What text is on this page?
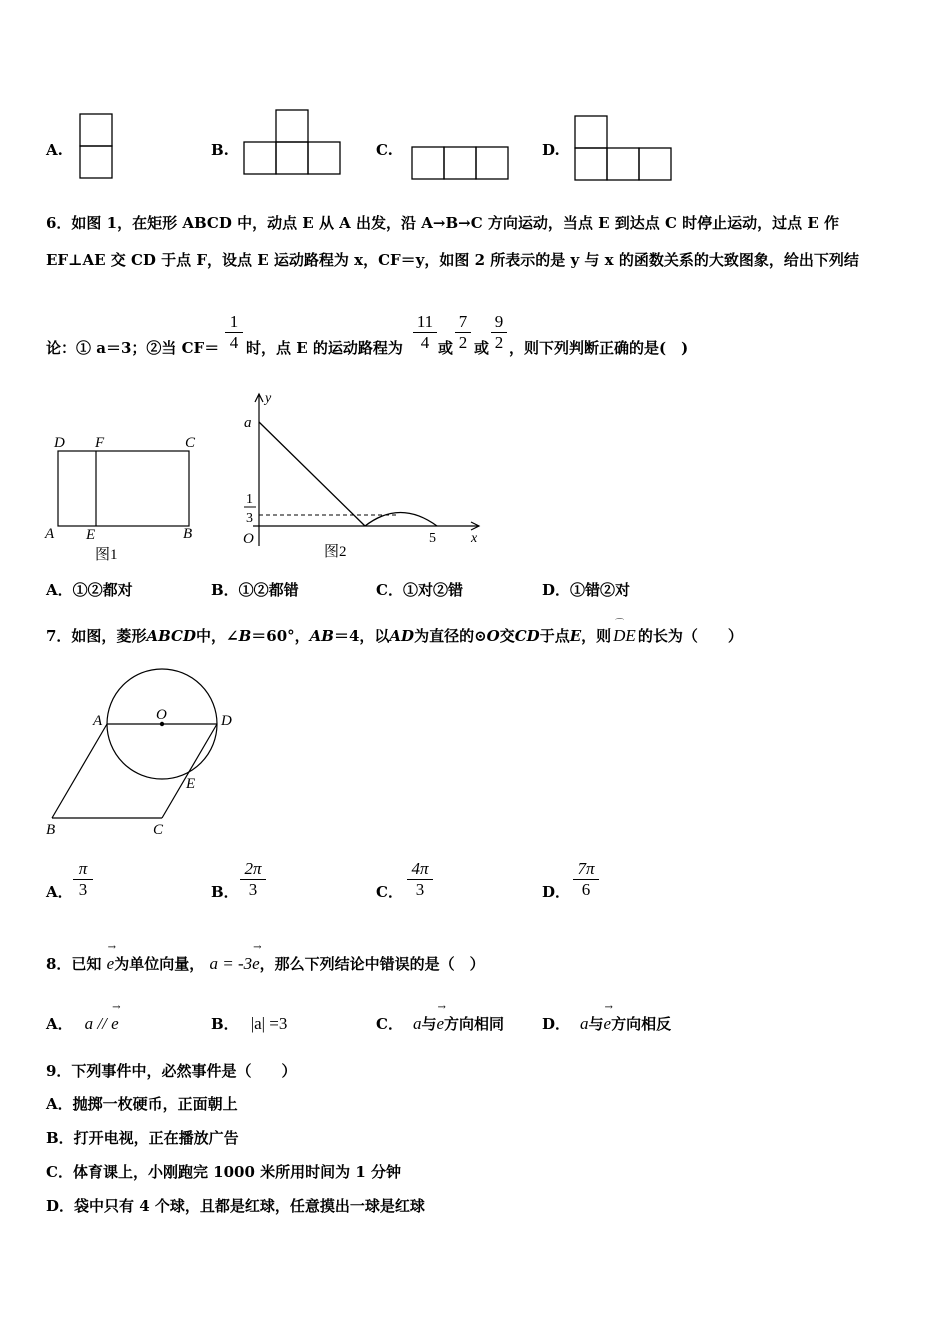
A.	B.	C.	D.
6．如图 1，在矩形 ABCD 中，动点 E 从 A 出发，沿 A→B→C 方向运动，当点 E 到达点 C 时停止运动，过点 E 作
EF⊥AE 交 CD 于点 F，设点 E 运动路程为 x，CF＝y，如图 2 所表示的是 y 与 x 的函数关系的大致图象，给出下列结
论：① a＝3；②当 CF＝
1
4 时，点 E 的运动路程为
11
4 或
7
2 或
9
2 ，则下列判断正确的是(　)
D F	C
A E	B
图1
y
a
1
3
O	5	x
图2
A．①②都对	B．①②都错	C．①对②错	D．①错②对
7．如图，菱形ABCD中，∠B＝60°，AB＝4，以AD为直径的⊙O交CD于点E，则
⌒
DE 的长为（　　）
A	O	D
E
B	C
A．
π
3	B．
2π
3	C．
4π
3	D．
7π
6
8．已知
→
e为单位向量， a = -3
→
e，那么下列结论中错误的是（　）
A． a //
→
e	B． |a| =3	C． a与
→
e方向相同	D． a与
→
e方向相反
9．下列事件中，必然事件是（　　）
A．抛掷一枚硬币，正面朝上
B．打开电视，正在播放广告
C．体育课上，小刚跑完 1000 米所用时间为 1 分钟
D．袋中只有 4 个球，且都是红球，任意摸出一球是红球
